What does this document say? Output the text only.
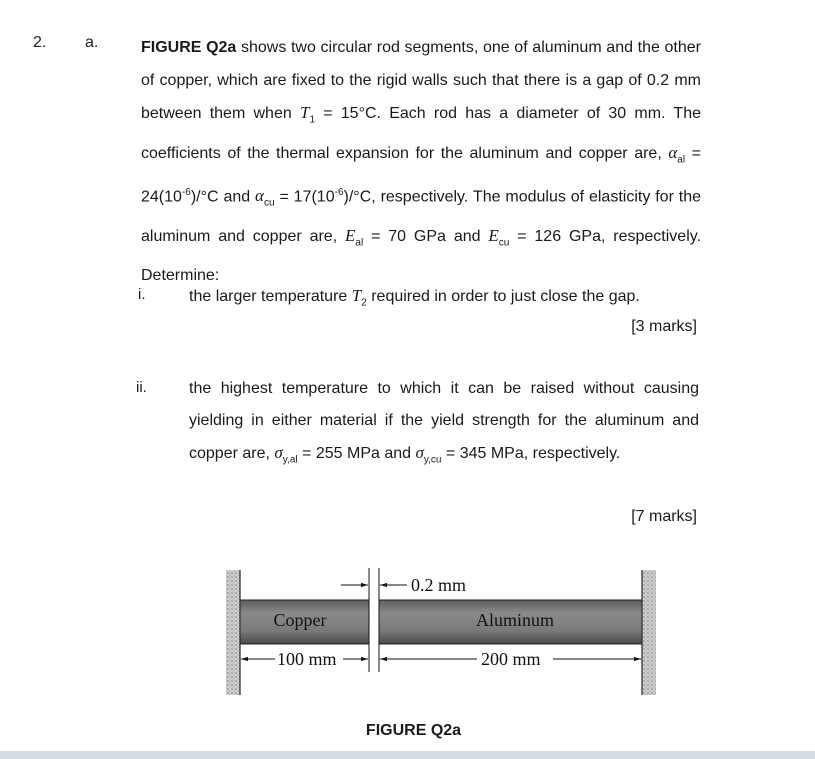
2. a.	FIGURE Q2a shows two circular rod segments, one of aluminum and the other of copper, which are fixed to the rigid walls such that there is a gap of 0.2 mm between them when $T_1 = 15^\circ C$. Each rod has a diameter of 30 mm. The coefficients of the thermal expansion for the aluminum and copper are, $\alpha_{al} = 24(10^{-6})/^\circ C$ and $\alpha_{cu} = 17(10^{-6})/^\circ C$, respectively. The modulus of elasticity for the aluminum and copper are, $E_{al} = 70$ GPa and $E_{cu} = 126$ GPa, respectively. Determine:
i.	the larger temperature $T_2$ required in order to just close the gap.
[3 marks]
ii.	the highest temperature to which it can be raised without causing yielding in either material if the yield strength for the aluminum and copper are, $\sigma_{y,al} = 255$ MPa and $\sigma_{y,cu} = 345$ MPa, respectively.
[7 marks]
Copper	Aluminum
0.2 mm
100 mm	200 mm
FIGURE Q2a
